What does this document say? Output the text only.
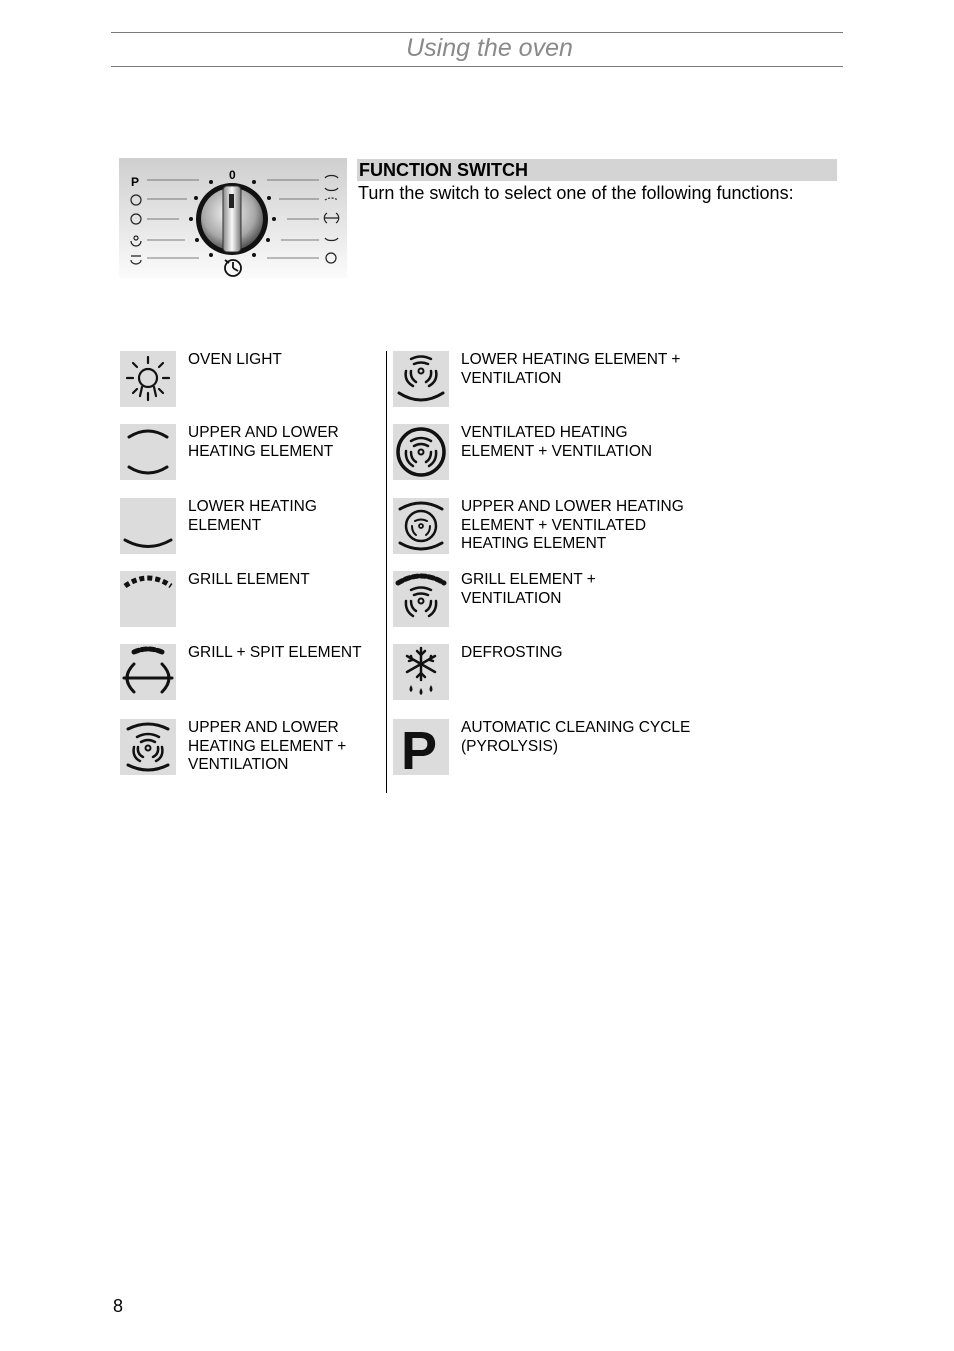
Using the oven
P	0	FUNCTION SWITCH
Turn the switch to select one of the following functions:
OVEN LIGHT
UPPER AND LOWER
HEATING ELEMENT
LOWER HEATING
ELEMENT
GRILL ELEMENT
GRILL + SPIT ELEMENT
UPPER AND LOWER
HEATING ELEMENT +
VENTILATION
LOWER HEATING ELEMENT +
VENTILATION
VENTILATED HEATING
ELEMENT + VENTILATION
UPPER AND LOWER HEATING
ELEMENT + VENTILATED
HEATING ELEMENT
GRILL ELEMENT +
VENTILATION
DEFROSTING
P AUTOMATIC CLEANING CYCLE
(PYROLYSIS)
8
